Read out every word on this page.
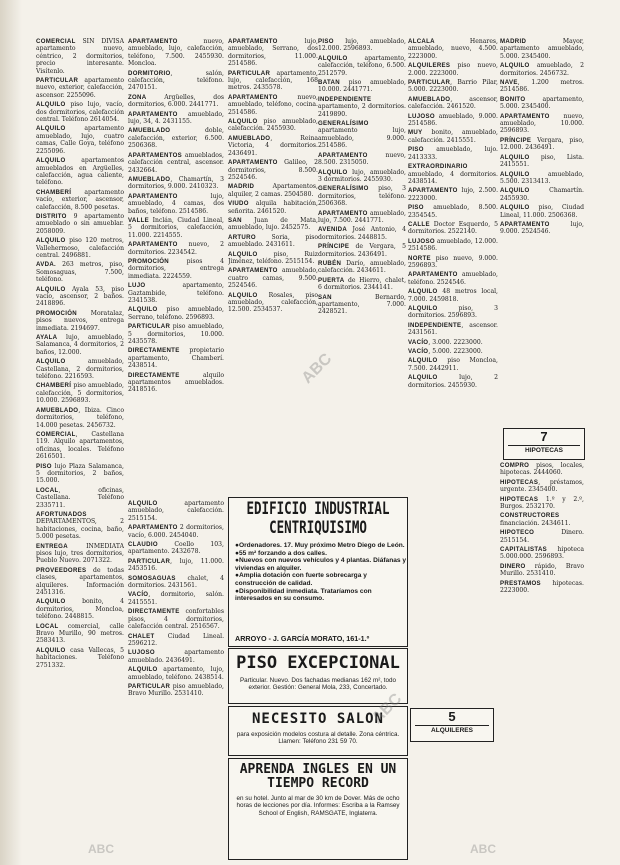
COMERCIAL SIN DIVISA apartamento nuevo, céntrico, 2 dormitorios, precio interesante. Visítenlo.
PARTICULAR apartamento nuevo, exterior, calefacción, ascensor. 2255096.
ALQUILO piso lujo, vacío, dos dormitorios, calefacción central. Teléfono 2614054.
ALQUILO apartamento amueblado, lujo, cuatro camas, Calle Goya, teléfono 2255096.
ALQUILO apartamentos amueblados en Argüelles, calefacción, agua caliente, teléfono.
CHAMBERÍ apartamento vacío, exterior, ascensor, calefacción, 8.500 pesetas.
DISTRITO 9 apartamento amueblado o sin amueblar. 2058009.
ALQUILO piso 120 metros, Vallehermoso, calefacción central. 2496881.
AVDA. 263 metros, piso, Somosaguas, 7.500, teléfono.
ALQUILO Ayala 53, piso vacío, ascensor, 2 baños. 2418896.
PROMOCIÓN Moratalaz, pisos nuevos, entrega inmediata. 2194697.
AYALA lujo, amueblado, Salamanca, 4 dormitorios, 2 baños, 12.000.
ALQUILO amueblado, Castellana, 2 dormitorios, teléfono. 2216593.
CHAMBERÍ piso amueblado, calefacción, 5 dormitorios, 10.000. 2596893.
AMUEBLADO, Ibiza. Cinco dormitorios, teléfono, 14.000 pesetas. 2456732.
COMERCIAL, Castellana 119. Alquilo apartamentos, oficinas, locales. Teléfono 2616501.
PISO lujo Plaza Salamanca, 5 dormitorios, 2 baños, 15.000.
LOCAL, oficinas, Castellana. Teléfono 2335711.
AFORTUNADOS DEPARTAMENTOS, 2 habitaciones, cocina, baño, 5.000 pesetas.
ENTREGA INMEDIATA pisos lujo, tres dormitorios, Pueblo Nuevo. 2071322.
PROVEEDORES de todas clases, apartamentos, alquileres. Información 2451316.
ALQUILO bonito, 4 dormitorios, Moncloa, teléfono. 2448815.
LOCAL comercial, calle Bravo Murillo, 90 metros. 2583413.
ALQUILO casa Vallecas, 5 habitaciones. Teléfono 2751332.
APARTAMENTO nuevo, amueblado, lujo, calefacción, teléfono, 7.500. 2455930. Moncloa.
DORMITORIO, salón, calefacción, teléfono. 2470151.
ZONA Argüelles, dos dormitorios, 6.000. 2441771.
APARTAMENTO amueblado, lujo, 34, 4. 2431155.
AMUEBLADO doble, calefacción, exterior, 6.500. 2506368.
APARTAMENTOS amueblados, calefacción central, ascensor. 2432664.
AMUEBLADO, Chamartín, 3 dormitorios, 9.000. 2410323.
APARTAMENTO lujo, amueblado, 4 camas, dos baños, teléfono. 2514586.
VALLE Inclán, Ciudad Lineal, 5 dormitorios, calefacción, 11.000. 2214555.
APARTAMENTO nuevo, 2 dormitorios. 2234542.
PROMOCIÓN pisos 4 dormitorios, entrega inmediata. 2224559.
LUJO apartamento, Gaztambide, teléfono. 2341538.
ALQUILO piso amueblado, Serrano, teléfono. 2596893.
PARTICULAR piso amueblado, 5 dormitorios, 10.000. 2435578.
DIRECTAMENTE propietario apartamento, Chamberí. 2438514.
DIRECTAMENTE alquilo apartamentos amueblados. 2418516.
ALQUILO apartamento amueblado, calefacción. 2515154.
APARTAMENTO 2 dormitorios, vacío, 6.000. 2454040.
CLAUDIO Coello 103, apartamento. 2432678.
PARTICULAR, lujo, 11.000. 2453516.
SOMOSAGUAS chalet, 4 dormitorios. 2431561.
VACÍO, dormitorio, salón. 2415551.
DIRECTAMENTE confortables pisos, 4 dormitorios, calefacción central. 2516567.
CHALET Ciudad Lineal. 2596212.
LUJOSO apartamento amueblado. 2436491.
ALQUILO apartamento, lujo, amueblado, teléfono. 2438514.
PARTICULAR piso amueblado, Bravo Murillo. 2531410.
APARTAMENTO lujo, amueblado, Serrano, dos dormitorios, 11.000. 2514586.
PARTICULAR apartamento, lujo, calefacción, 168 metros. 2435578.
APARTAMENTO nuevo, amueblado, teléfono, cocina. 2514586.
ALQUILO piso amueblado, calefacción. 2455930.
AMUEBLADO, Reina Victoria, 4 dormitorios. 2436491.
APARTAMENTO Galileo, 2 dormitorios, 8.500. 2524546.
MADRID Apartamentos, alquiler, 2 camas. 2504580.
VIUDO alquila habitación, señorita. 2461520.
SAN Juan de Mata, amueblado, lujo. 2452575.
ARTURO Soria, piso amueblado. 2431611.
ALQUILO piso, Ruiz Jiménez, teléfono. 2515154.
APARTAMENTO amueblado, cuatro camas, 9.500. 2524546.
ALQUILO Rosales, piso amueblado, calefacción, 12.500. 2534537.
PISO lujo, amueblado, 12.000. 2596893.
ALQUILO apartamento, calefacción, teléfono, 6.500. 2512579.
BATAN piso amueblado, 10.000. 2441771.
INDEPENDIENTE apartamento, 2 dormitorios. 2419890.
GENERALÍSIMO apartamento lujo, amueblado, 9.000. 2514586.
APARTAMENTO nuevo, 8.500. 2315050.
ALQUILO lujo, amueblado, 3 dormitorios. 2455930.
GENERALÍSIMO piso, 3 dormitorios, teléfono. 2506368.
APARTAMENTO amueblado, lujo, 7.500. 2441771.
AVENIDA José Antonio, 4 dormitorios. 2448815.
PRÍNCIPE de Vergara, 5 dormitorios. 2436491.
RUBÉN Darío, amueblado, calefacción. 2434611.
PUERTA de Hierro, chalet, 6 dormitorios. 2344141.
SAN Bernardo, apartamento, 7.000. 2428521.
ALCALÁ Henares, amueblado, nuevo, 4.500. 2223000.
ALQUILERES piso nuevo, 2.000. 2223000.
PARTICULAR, Barrio Pilar, 5.000. 2223000.
AMUEBLADO, ascensor, calefacción. 2461520.
LUJOSO amueblado, 9.000. 2514586.
MUY bonito, amueblado, calefacción. 2415551.
PISO amueblado, lujo. 2413333.
EXTRAORDINARIO amueblado, 4 dormitorios. 2438514.
APARTAMENTO lujo, 2.500. 2223000.
PISO amueblado, 8.500. 2354545.
CALLE Doctor Esquerdo, 5 dormitorios. 2522140.
LUJOSO amueblado, 12.000. 2514586.
NORTE piso nuevo, 9.000. 2596893.
APARTAMENTO amueblado, teléfono. 2524546.
ALQUILO 48 metros local, 7.000. 2459818.
ALQUILO piso, 3 dormitorios. 2596893.
INDEPENDIENTE, ascensor. 2431561.
VACÍO, 3.000. 2223000.
VACÍO, 5.000. 2223000.
ALQUILO piso Moncloa, 7.500. 2442911.
ALQUILO lujo, 2 dormitorios. 2455930.
MADRID Mayor, apartamento amueblado, 5.000. 2345400.
ALQUILO amueblado, 2 dormitorios. 2456732.
NAVE, 1.200 metros. 2514586.
BONITO apartamento, 5.000. 2345400.
APARTAMENTO nuevo, amueblado, 10.000. 2596893.
PRÍNCIPE Vergara, piso, 12.000. 2436491.
ALQUILO piso, Lista. 2415551.
ALQUILO amueblado, 5.500. 2313413.
ALQUILO Chamartín. 2455930.
ALQUILO piso, Ciudad Lineal, 11.000. 2506368.
APARTAMENTO lujo, 9.000. 2524546.
COMPRO pisos, locales, hipotecas. 2444060.
HIPOTECAS, préstamos, urgente. 2345400.
HIPOTECAS 1.º y 2.º, Burgos. 2532170.
CONSTRUCTORES financiación. 2434611.
HIPOTECO Dinero. 2515154.
CAPITALISTAS hipoteca 5.000.000. 2596893.
DINERO rápido, Bravo Murillo. 2531410.
PRESTAMOS hipotecas. 2223000.
EDIFICIO INDUSTRIAL CENTRIQUISIMO
● Ordenadores. 17. Muy próximo Metro Diego de León.
● 55 m² forzando a dos calles.
● Nuevos con nuevos vehículos y 4 plantas. Diáfanas y viviendas en alquiler.
● Amplia dotación con fuerte sobrecarga y construcción de calidad.
● Disponibilidad inmediata. Trataríamos con interesados en su consumo.
ARROYO - J. GARCÍA MORATO, 161-1.º
PISO EXCEPCIONAL
Particular. Nuevo. Dos fachadas medianas 162 m², todo exterior. Gestión: General Mola, 233, Concertado.
NECESITO SALON
para exposición modelos costura al detalle. Zona céntrica. Llamen: Teléfono 231 59 70.
APRENDA INGLES EN UN TIEMPO RECORD
en su hotel. Junto al mar de 30 km de Dover. Más de ocho horas de lecciones por día. Informes: Escriba a la Ramsey School of English, RAMSGATE, Inglaterra.
5
ALQUILERES
7
HIPOTECAS
ABC	ABC
ABC
ABC
